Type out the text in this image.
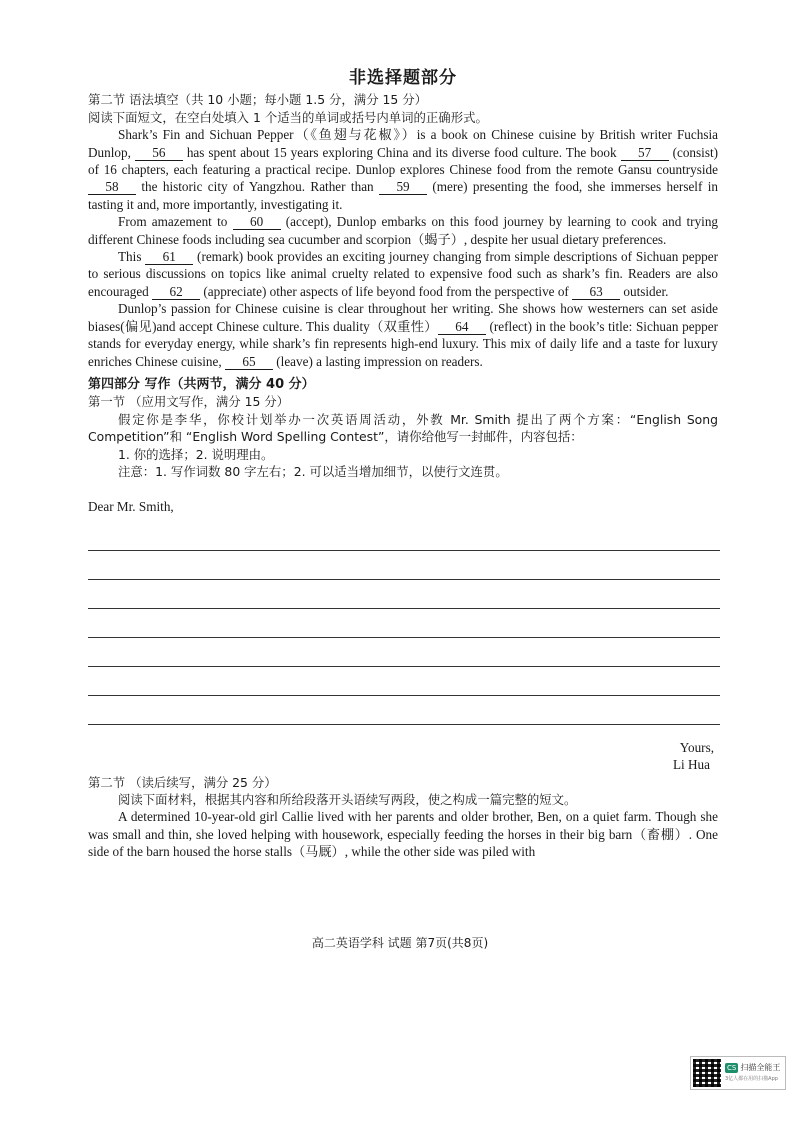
非选择题部分
第二节 语法填空（共 10 小题；每小题 1.5 分，满分 15 分）
阅读下面短文，在空白处填入 1 个适当的单词或括号内单词的正确形式。

Shark’s Fin and Sichuan Pepper（《鱼翅与花椒》）is a book on Chinese cuisine by British writer Fuchsia Dunlop, 56 has spent about 15 years exploring China and its diverse food culture. The book 57 (consist) of 16 chapters, each featuring a practical recipe. Dunlop explores Chinese food from the remote Gansu countryside 58 the historic city of Yangzhou. Rather than 59 (mere) presenting the food, she immerses herself in tasting it and, more importantly, investigating it.

From amazement to 60 (accept), Dunlop embarks on this food journey by learning to cook and trying different Chinese foods including sea cucumber and scorpion（蝎子）, despite her usual dietary preferences.

This 61 (remark) book provides an exciting journey changing from simple descriptions of Sichuan pepper to serious discussions on topics like animal cruelty related to expensive food such as shark’s fin. Readers are also encouraged 62 (appreciate) other aspects of life beyond food from the perspective of 63 outsider.

Dunlop’s passion for Chinese cuisine is clear throughout her writing. She shows how westerners can set aside biases(偏见)and accept Chinese culture. This duality（双重性） 64 (reflect) in the book’s title: Sichuan pepper stands for everyday energy, while shark’s fin represents high-end luxury. This mix of daily life and a taste for luxury enriches Chinese cuisine, 65 (leave) a lasting impression on readers.

第四部分 写作（共两节，满分 40 分）
第一节 （应用文写作，满分 15 分）

假定你是李华，你校计划举办一次英语周活动，外教 Mr. Smith 提出了两个方案：“English Song Competition”和 “English Word Spelling Contest”，请你给他写一封邮件，内容包括：

1. 你的选择；2. 说明理由。
注意：1. 写作词数 80 字左右；2. 可以适当增加细节，以使行文连贯。
Dear Mr. Smith,
Yours,
Li Hua
第二节 （读后续写，满分 25 分）
阅读下面材料，根据其内容和所给段落开头语续写两段，使之构成一篇完整的短文。

A determined 10-year-old girl Callie lived with her parents and older brother, Ben, on a quiet farm. Though she was small and thin, she loved helping with housework, especially feeding the horses in their big barn（畜棚）. One side of the barn housed the horse stalls（马厩）, while the other side was piled with

高二英语学科 试题 第7页(共8页)
CS 扫描全能王
3亿人都在用的扫描App
